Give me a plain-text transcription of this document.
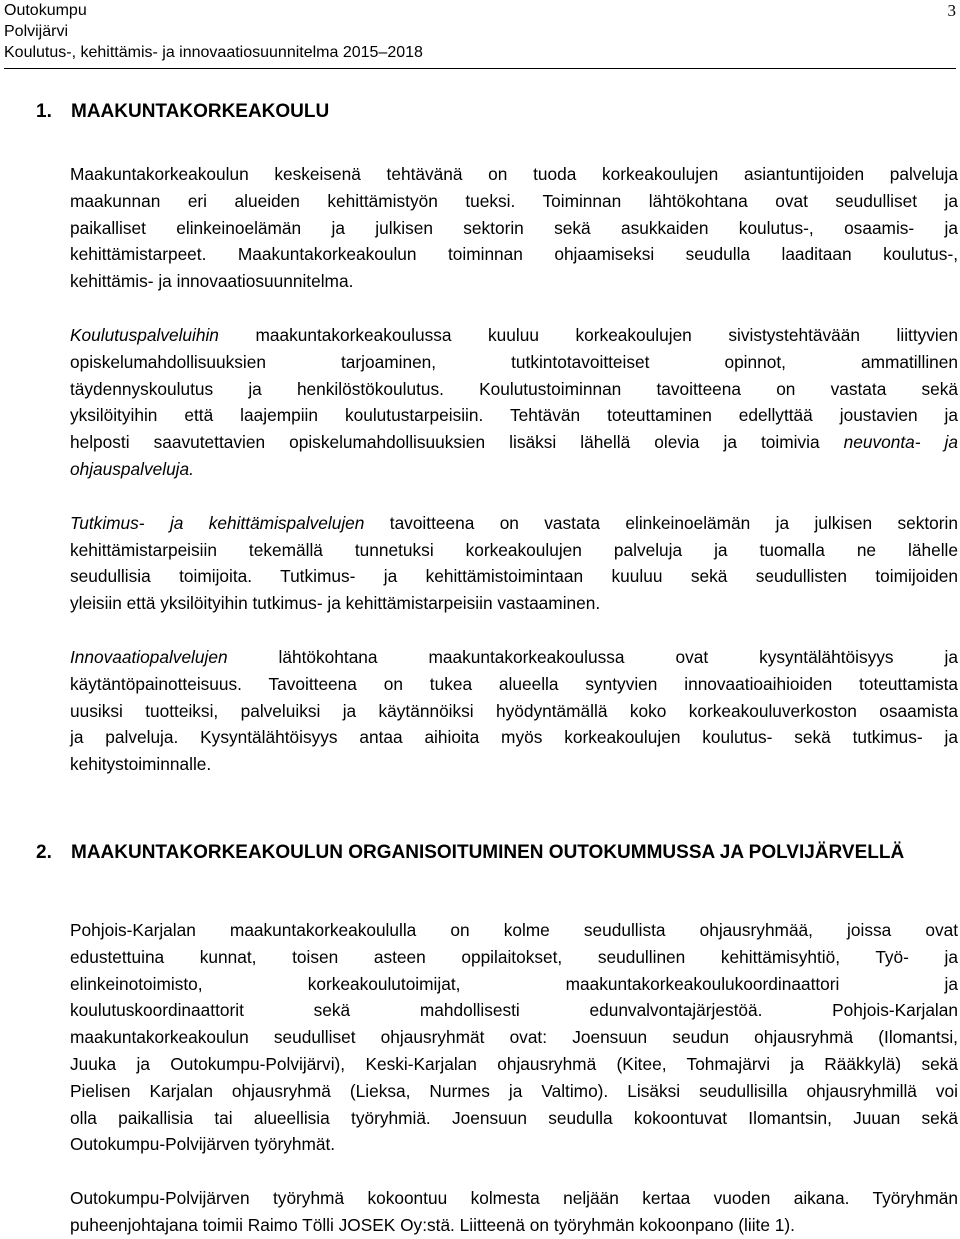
Outokumpu
Polvijärvi
Koulutus-, kehittämis- ja innovaatiosuunnitelma 2015–2018
3
1. MAAKUNTAKORKEAKOULU

Maakuntakorkeakoulun keskeisenä tehtävänä on tuoda korkeakoulujen asiantuntijoiden palveluja
maakunnan eri alueiden kehittämistyön tueksi. Toiminnan lähtökohtana ovat seudulliset ja
paikalliset elinkeinoelämän ja julkisen sektorin sekä asukkaiden koulutus-, osaamis- ja
kehittämistarpeet. Maakuntakorkeakoulun toiminnan ohjaamiseksi seudulla laaditaan koulutus-,
kehittämis- ja innovaatiosuunnitelma.

Koulutuspalveluihin maakuntakorkeakoulussa kuuluu korkeakoulujen sivistystehtävään liittyvien
opiskelumahdollisuuksien tarjoaminen, tutkintotavoitteiset opinnot, ammatillinen
täydennyskoulutus ja henkilöstökoulutus. Koulutustoiminnan tavoitteena on vastata sekä
yksilöityihin että laajempiin koulutustarpeisiin. Tehtävän toteuttaminen edellyttää joustavien ja
helposti saavutettavien opiskelumahdollisuuksien lisäksi lähellä olevia ja toimivia neuvonta- ja
ohjauspalveluja.

Tutkimus- ja kehittämispalvelujen tavoitteena on vastata elinkeinoelämän ja julkisen sektorin
kehittämistarpeisiin tekemällä tunnetuksi korkeakoulujen palveluja ja tuomalla ne lähelle
seudullisia toimijoita. Tutkimus- ja kehittämistoimintaan kuuluu sekä seudullisten toimijoiden
yleisiin että yksilöityihin tutkimus- ja kehittämistarpeisiin vastaaminen.

Innovaatiopalvelujen lähtökohtana maakuntakorkeakoulussa ovat kysyntälähtöisyys ja
käytäntöpainotteisuus. Tavoitteena on tukea alueella syntyvien innovaatioaihioiden toteuttamista
uusiksi tuotteiksi, palveluiksi ja käytännöiksi hyödyntämällä koko korkeakouluverkoston osaamista
ja palveluja. Kysyntälähtöisyys antaa aihioita myös korkeakoulujen koulutus- sekä tutkimus- ja
kehitystoiminnalle.

2. MAAKUNTAKORKEAKOULUN ORGANISOITUMINEN OUTOKUMMUSSA JA POLVIJÄRVELLÄ

Pohjois-Karjalan maakuntakorkeakoululla on kolme seudullista ohjausryhmää, joissa ovat
edustettuina kunnat, toisen asteen oppilaitokset, seudullinen kehittämisyhtiö, Työ- ja
elinkeinotoimisto, korkeakoulutoimijat, maakuntakorkeakoulukoordinaattori ja
koulutuskoordinaattorit sekä mahdollisesti edunvalvontajärjestöä. Pohjois-Karjalan
maakuntakorkeakoulun seudulliset ohjausryhmät ovat: Joensuun seudun ohjausryhmä (Ilomantsi,
Juuka ja Outokumpu-Polvijärvi), Keski-Karjalan ohjausryhmä (Kitee, Tohmajärvi ja Rääkkylä) sekä
Pielisen Karjalan ohjausryhmä (Lieksa, Nurmes ja Valtimo). Lisäksi seudullisilla ohjausryhmillä voi
olla paikallisia tai alueellisia työryhmiä. Joensuun seudulla kokoontuvat Ilomantsin, Juuan sekä
Outokumpu-Polvijärven työryhmät.

Outokumpu-Polvijärven työryhmä kokoontuu kolmesta neljään kertaa vuoden aikana. Työryhmän
puheenjohtajana toimii Raimo Tölli JOSEK Oy:stä. Liitteenä on työryhmän kokoonpano (liite 1).
